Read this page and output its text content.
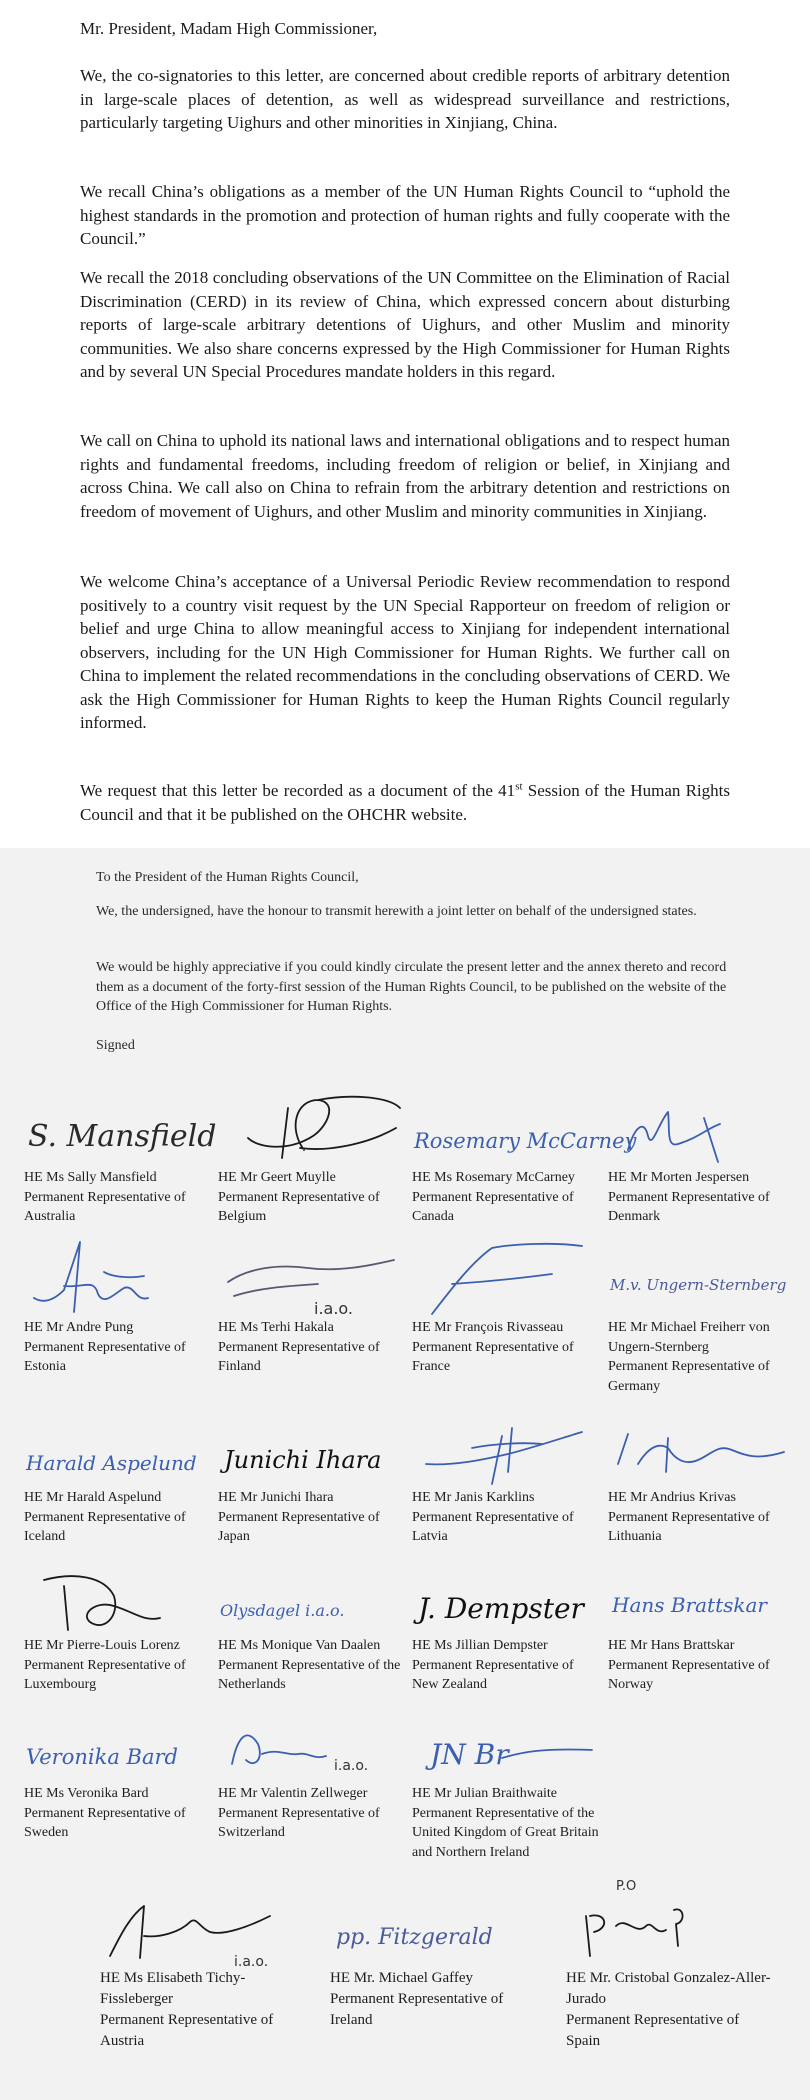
Mr. President, Madam High Commissioner,

We, the co-signatories to this letter, are concerned about credible reports of arbitrary detention in large-scale places of detention, as well as widespread surveillance and restrictions, particularly targeting Uighurs and other minorities in Xinjiang, China.

We recall China’s obligations as a member of the UN Human Rights Council to “uphold the highest standards in the promotion and protection of human rights and fully cooperate with the Council.”

We recall the 2018 concluding observations of the UN Committee on the Elimination of Racial Discrimination (CERD) in its review of China, which expressed concern about disturbing reports of large-scale arbitrary detentions of Uighurs, and other Muslim and minority communities. We also share concerns expressed by the High Commissioner for Human Rights and by several UN Special Procedures mandate holders in this regard.

We call on China to uphold its national laws and international obligations and to respect human rights and fundamental freedoms, including freedom of religion or belief, in Xinjiang and across China. We call also on China to refrain from the arbitrary detention and restrictions on freedom of movement of Uighurs, and other Muslim and minority communities in Xinjiang.

We welcome China’s acceptance of a Universal Periodic Review recommendation to respond positively to a country visit request by the UN Special Rapporteur on freedom of religion or belief and urge China to allow meaningful access to Xinjiang for independent international observers, including for the UN High Commissioner for Human Rights. We further call on China to implement the related recommendations in the concluding observations of CERD. We ask the High Commissioner for Human Rights to keep the Human Rights Council regularly informed.

We request that this letter be recorded as a document of the 41st Session of the Human Rights Council and that it be published on the OHCHR website.

To the President of the Human Rights Council,

We, the undersigned, have the honour to transmit herewith a joint letter on behalf of the undersigned states.

We would be highly appreciative if you could kindly circulate the present letter and the annex thereto and record them as a document of the forty-first session of the Human Rights Council, to be published on the website of the Office of the High Commissioner for Human Rights.

Signed

S. Mansfield
HE Ms Sally Mansfield
Permanent Representative of Australia
HE Mr Geert Muylle
Permanent Representative of Belgium
Rosemary McCarney
HE Ms Rosemary McCarney
Permanent Representative of Canada
HE Mr Morten Jespersen
Permanent Representative of Denmark
HE Mr Andre Pung
Permanent Representative of Estonia
i.a.o.
HE Ms Terhi Hakala
Permanent Representative of Finland
HE Mr François Rivasseau
Permanent Representative of France
M.v. Ungern-Sternberg
HE Mr Michael Freiherr von Ungern-Sternberg
Permanent Representative of Germany
Harald Aspelund
HE Mr Harald Aspelund
Permanent Representative of Iceland
Junichi Ihara
HE Mr Junichi Ihara
Permanent Representative of Japan
HE Mr Janis Karklins
Permanent Representative of Latvia
HE Mr Andrius Krivas
Permanent Representative of Lithuania
HE Mr Pierre-Louis Lorenz
Permanent Representative of Luxembourg
Olysdagel i.a.o.
HE Ms Monique Van Daalen
Permanent Representative of the Netherlands
J. Dempster
HE Ms Jillian Dempster
Permanent Representative of New Zealand
Hans Brattskar
HE Mr Hans Brattskar
Permanent Representative of Norway
Veronika Bard
HE Ms Veronika Bard
Permanent Representative of Sweden
i.a.o.
HE Mr Valentin Zellweger
Permanent Representative of Switzerland
JN Br
HE Mr Julian Braithwaite
Permanent Representative of the United Kingdom of Great Britain and Northern Ireland
i.a.o.
HE Ms Elisabeth Tichy-Fissleberger
Permanent Representative of Austria
pp. Fitzgerald
HE Mr. Michael Gaffey
Permanent Representative of Ireland
P.O
HE Mr. Cristobal Gonzalez-Aller-Jurado
Permanent Representative of Spain
